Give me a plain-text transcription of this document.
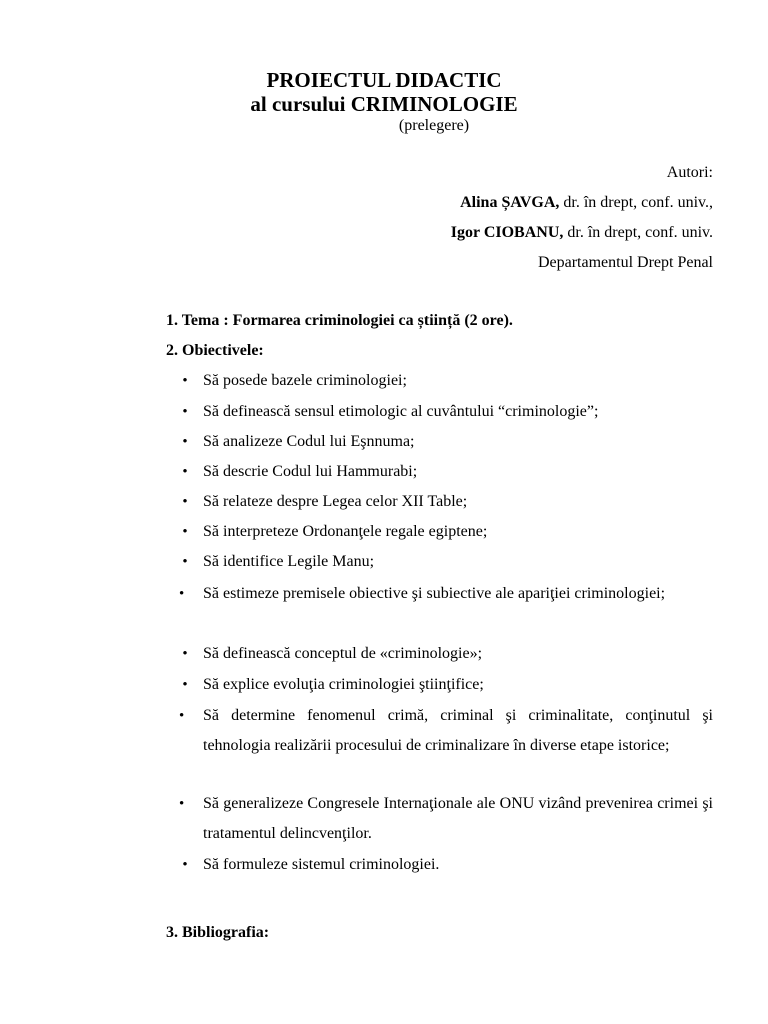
PROIECTUL DIDACTIC
al cursului CRIMINOLOGIE
(prelegere)
Autori:
Alina ȘAVGA, dr. în drept, conf. univ.,
Igor CIOBANU, dr. în drept, conf. univ.
Departamentul Drept Penal
1. Tema : Formarea criminologiei ca știință (2 ore).
2. Obiectivele:
• Să posede bazele criminologiei;
• Să definească sensul etimologic al cuvântului “criminologie”;
• Să analizeze Codul lui Eşnnuma;
• Să descrie Codul lui Hammurabi;
• Să relateze despre Legea celor XII Table;
• Să interpreteze Ordonanţele regale egiptene;
• Să identifice Legile Manu;
•	Să estimeze premisele obiective şi subiective ale apariţiei criminologiei;
• Să definească conceptul de «criminologie»;
• Să explice evoluţia criminologiei ştiinţifice;
•	Să determine fenomenul crimă, criminal şi criminalitate, conţinutul şi tehnologia realizării procesului de criminalizare în diverse etape istorice;
•	Să generalizeze Congresele Internaţionale ale ONU vizând prevenirea crimei şi tratamentul delincvenţilor.
• Să formuleze sistemul criminologiei.
3. Bibliografia:
